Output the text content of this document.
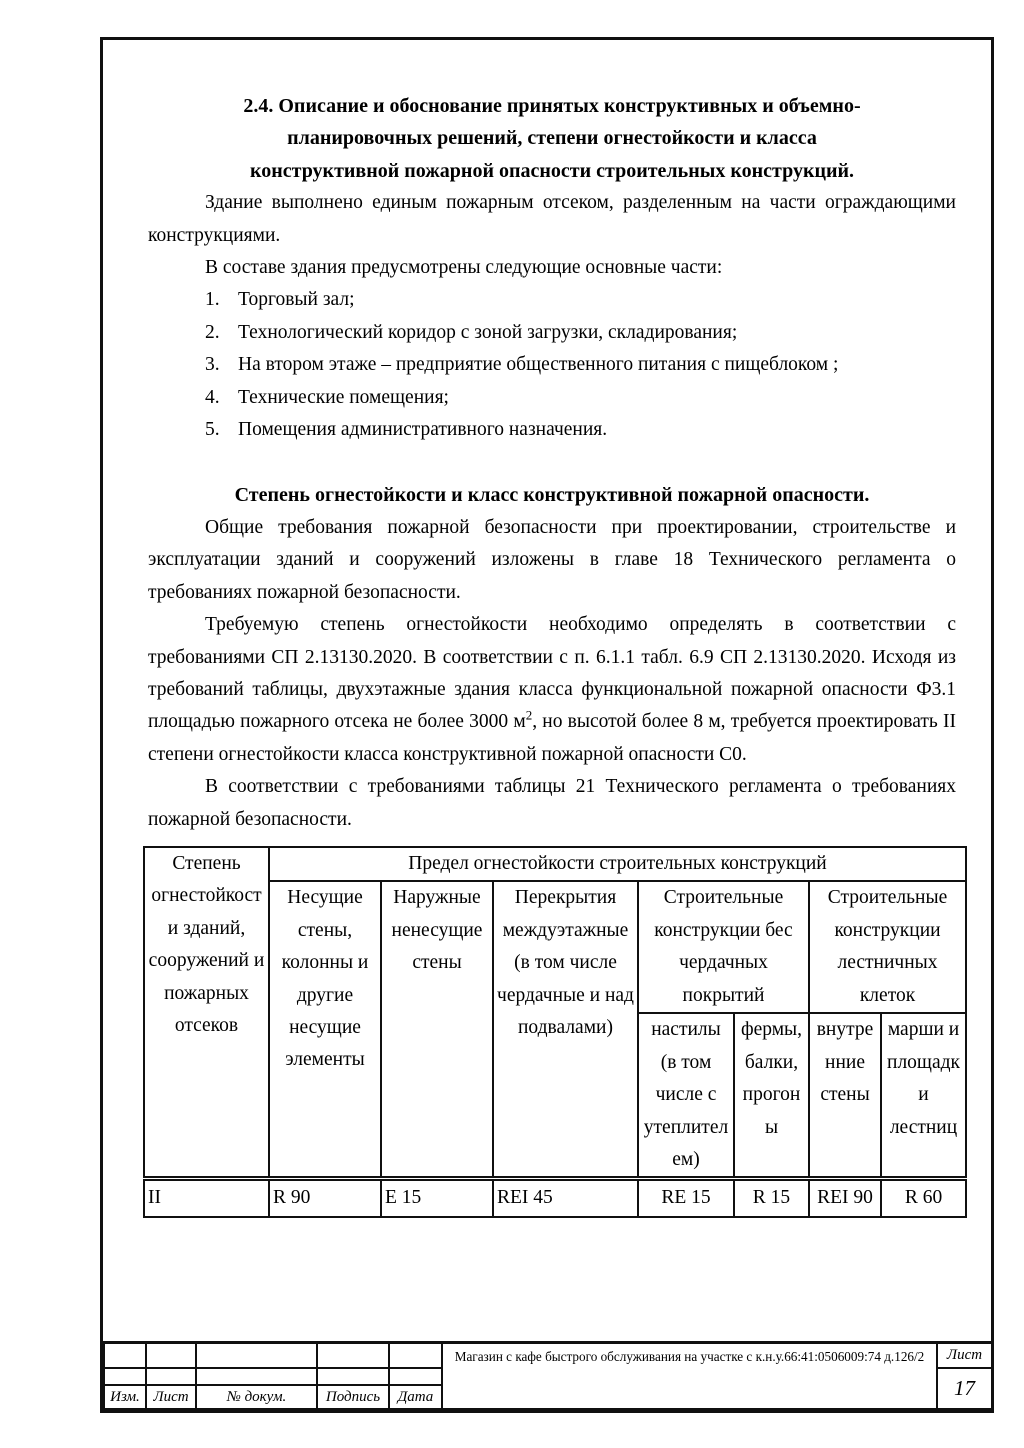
2.4. Описание и обоснование принятых конструктивных и объемно-
планировочных решений, степени огнестойкости и класса
конструктивной пожарной опасности строительных конструкций.

Здание выполнено единым пожарным отсеком, разделенным на части ограждающими конструкциями.

В составе здания предусмотрены следующие основные части:

1. Торговый зал;
2. Технологический коридор с зоной загрузки, складирования;
3. На втором этаже – предприятие общественного питания с пищеблоком ;
4. Технические помещения;
5. Помещения административного назначения.
Степень огнестойкости и класс конструктивной пожарной опасности.

Общие требования пожарной безопасности при проектировании, строительстве и эксплуатации зданий и сооружений изложены в главе 18 Технического регламента о требованиях пожарной безопасности.

Требуемую степень огнестойкости необходимо определять в соответствии с требованиями СП 2.13130.2020. В соответствии с п. 6.1.1 табл. 6.9 СП 2.13130.2020. Исходя из требований таблицы, двухэтажные здания класса функциональной пожарной опасности Ф3.1 площадью пожарного отсека не более 3000 $м^2$, но высотой более 8 м, требуется проектировать II степени огнестойкости класса конструктивной пожарной опасности С0.

В соответствии с требованиями таблицы 21 Технического регламента о требованиях пожарной безопасности.

Степень огнестойкости зданий, сооружений и пожарных отсеков	Предел огнестойкости строительных конструкций						
	Несущие стены, колонны и другие несущие элементы	Наружные ненесущие стены	Перекрытия междуэтажные (в том числе чердачные и над подвалами)	Строительные конструкции бес чердачных покрытий		Строительные конструкции лестничных клеток	
				настилы (в том числе с утеплителем)	фермы, балки, прогоны	внутренние стены	марши и площадки лестниц
II	R 90	E 15	REI 45	RE 15	R 15	REI 90	R 60
					Магазин с кафе быстрого обслуживания на участке с к.н.у.66:41:0506009:74 д.126/2	Лист
						17
Изм.	Лист	№ докум.	Подпись	Дата		
